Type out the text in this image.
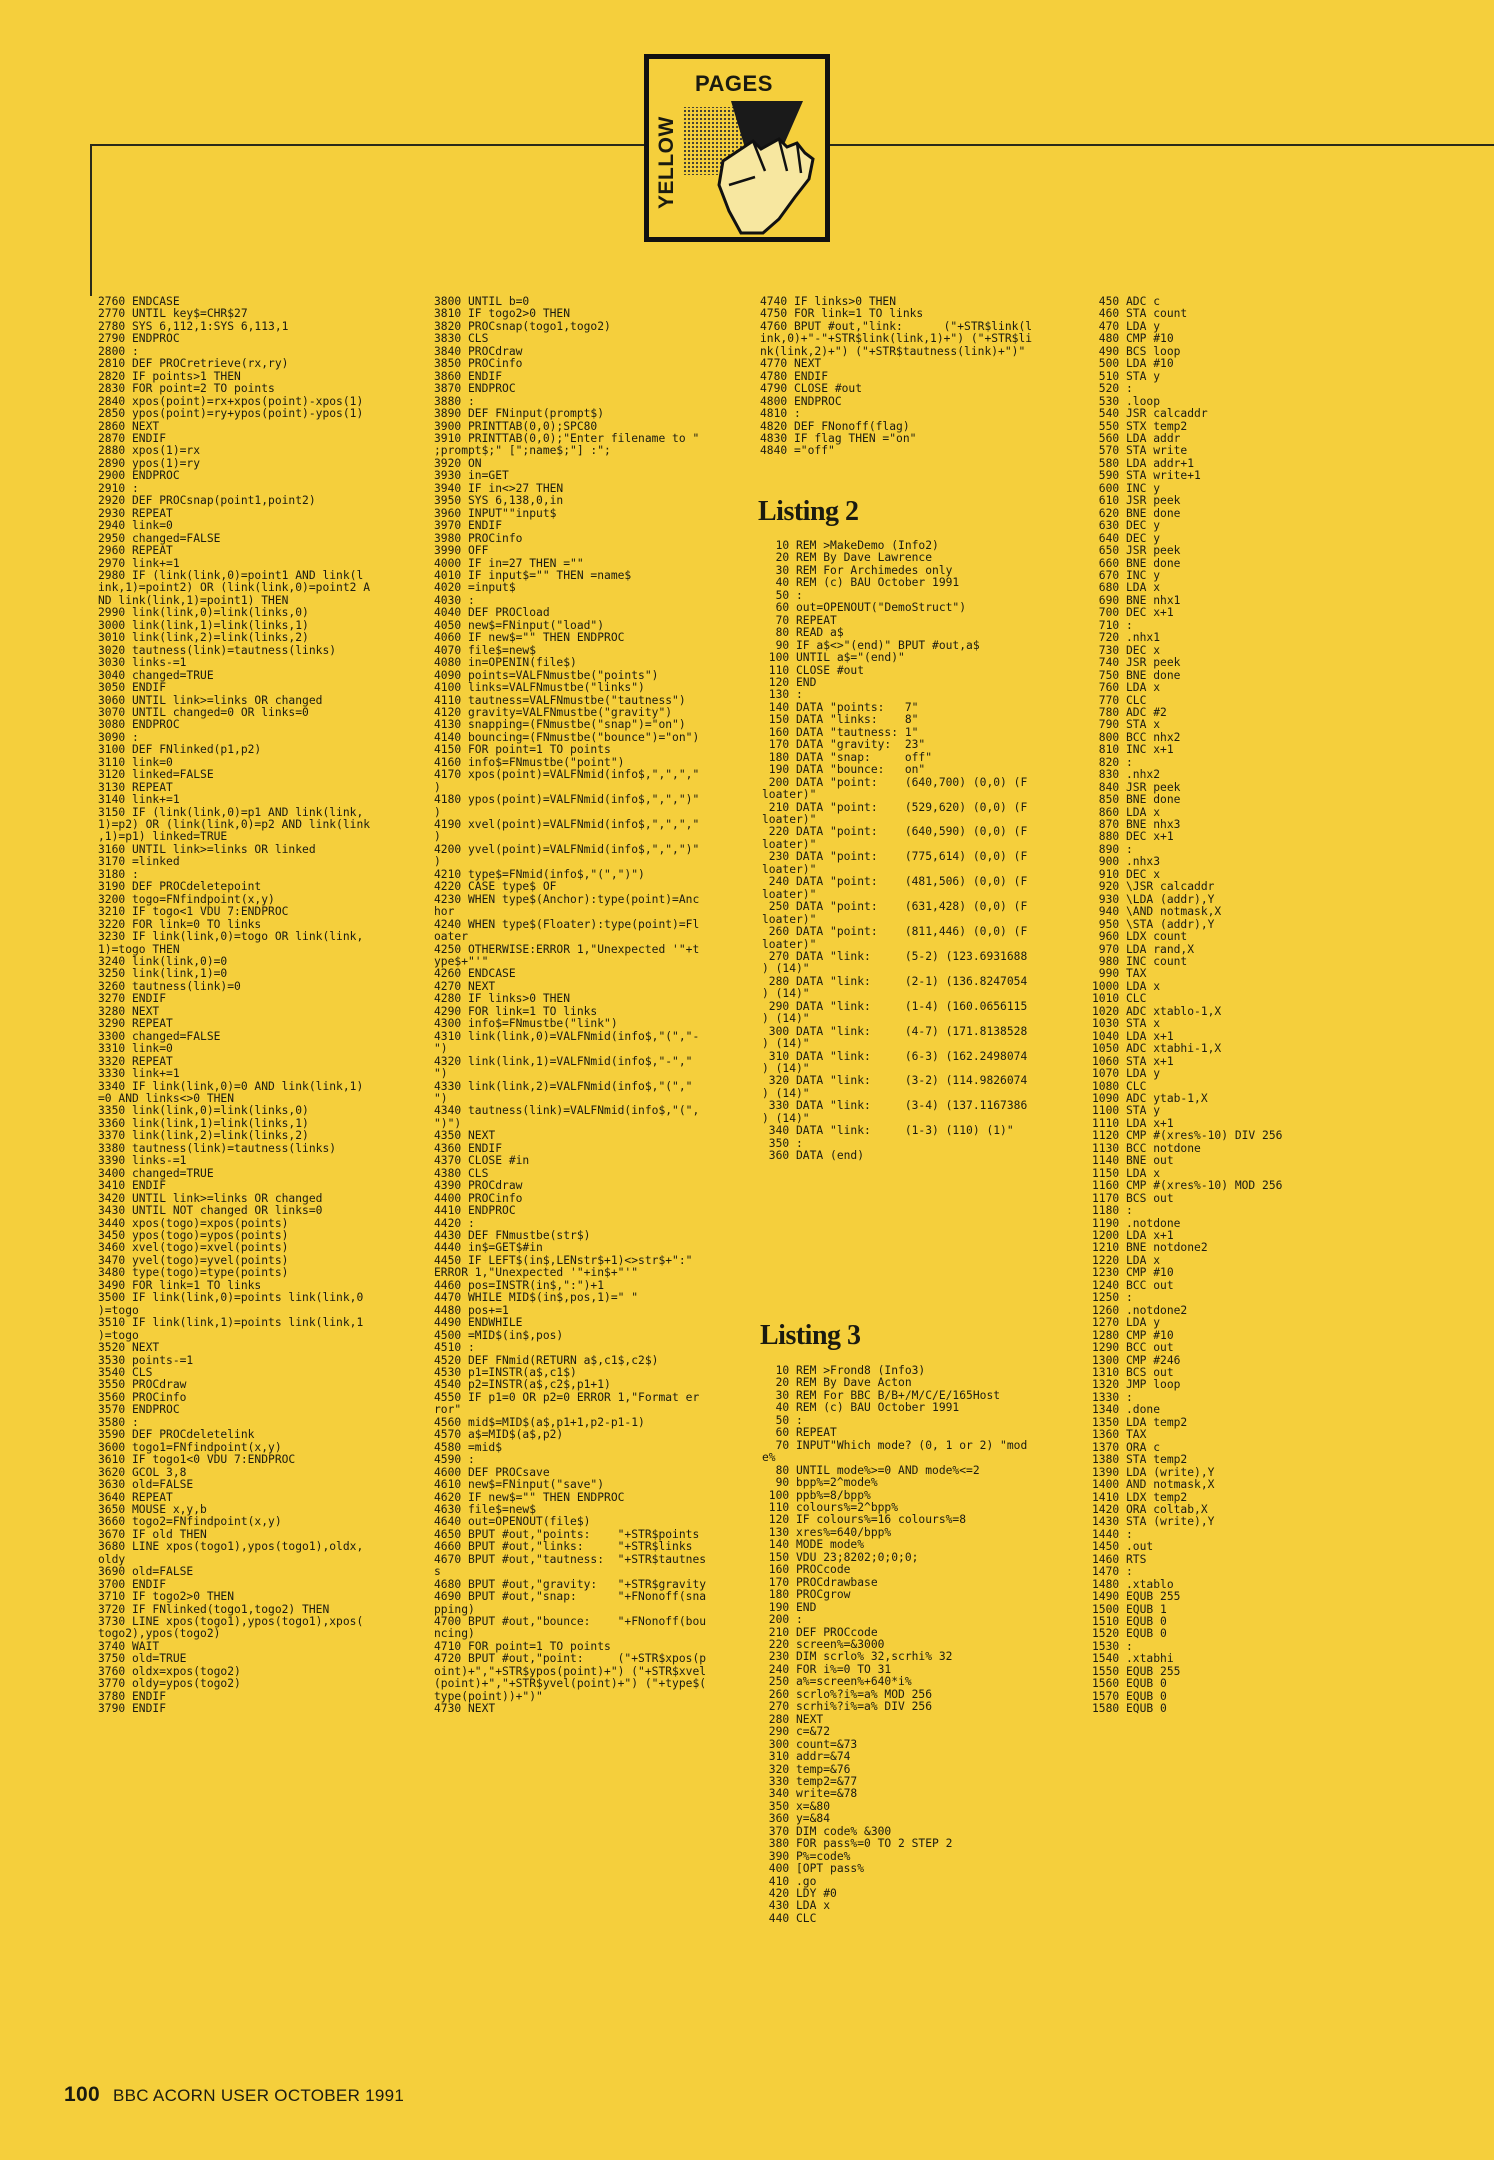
PAGES
YELLOW
2760 ENDCASE
2770 UNTIL key$=CHR$27
2780 SYS 6,112,1:SYS 6,113,1
2790 ENDPROC
2800 :
2810 DEF PROCretrieve(rx,ry)
2820 IF points>1 THEN
2830 FOR point=2 TO points
2840 xpos(point)=rx+xpos(point)-xpos(1)
2850 ypos(point)=ry+ypos(point)-ypos(1)
2860 NEXT
2870 ENDIF
2880 xpos(1)=rx
2890 ypos(1)=ry
2900 ENDPROC
2910 :
2920 DEF PROCsnap(point1,point2)
2930 REPEAT
2940 link=0
2950 changed=FALSE
2960 REPEAT
2970 link+=1
2980 IF (link(link,0)=point1 AND link(l
ink,1)=point2) OR (link(link,0)=point2 A
ND link(link,1)=point1) THEN
2990 link(link,0)=link(links,0)
3000 link(link,1)=link(links,1)
3010 link(link,2)=link(links,2)
3020 tautness(link)=tautness(links)
3030 links-=1
3040 changed=TRUE
3050 ENDIF
3060 UNTIL link>=links OR changed
3070 UNTIL changed=0 OR links=0
3080 ENDPROC
3090 :
3100 DEF FNlinked(p1,p2)
3110 link=0
3120 linked=FALSE
3130 REPEAT
3140 link+=1
3150 IF (link(link,0)=p1 AND link(link,
1)=p2) OR (link(link,0)=p2 AND link(link
,1)=p1) linked=TRUE
3160 UNTIL link>=links OR linked
3170 =linked
3180 :
3190 DEF PROCdeletepoint
3200 togo=FNfindpoint(x,y)
3210 IF togo<1 VDU 7:ENDPROC
3220 FOR link=0 TO links
3230 IF link(link,0)=togo OR link(link,
1)=togo THEN
3240 link(link,0)=0
3250 link(link,1)=0
3260 tautness(link)=0
3270 ENDIF
3280 NEXT
3290 REPEAT
3300 changed=FALSE
3310 link=0
3320 REPEAT
3330 link+=1
3340 IF link(link,0)=0 AND link(link,1)
=0 AND links<>0 THEN
3350 link(link,0)=link(links,0)
3360 link(link,1)=link(links,1)
3370 link(link,2)=link(links,2)
3380 tautness(link)=tautness(links)
3390 links-=1
3400 changed=TRUE
3410 ENDIF
3420 UNTIL link>=links OR changed
3430 UNTIL NOT changed OR links=0
3440 xpos(togo)=xpos(points)
3450 ypos(togo)=ypos(points)
3460 xvel(togo)=xvel(points)
3470 yvel(togo)=yvel(points)
3480 type(togo)=type(points)
3490 FOR link=1 TO links
3500 IF link(link,0)=points link(link,0
)=togo
3510 IF link(link,1)=points link(link,1
)=togo
3520 NEXT
3530 points-=1
3540 CLS
3550 PROCdraw
3560 PROCinfo
3570 ENDPROC
3580 :
3590 DEF PROCdeletelink
3600 togo1=FNfindpoint(x,y)
3610 IF togo1<0 VDU 7:ENDPROC
3620 GCOL 3,8
3630 old=FALSE
3640 REPEAT
3650 MOUSE x,y,b
3660 togo2=FNfindpoint(x,y)
3670 IF old THEN
3680 LINE xpos(togo1),ypos(togo1),oldx,
oldy
3690 old=FALSE
3700 ENDIF
3710 IF togo2>0 THEN
3720 IF FNlinked(togo1,togo2) THEN
3730 LINE xpos(togo1),ypos(togo1),xpos(
togo2),ypos(togo2)
3740 WAIT
3750 old=TRUE
3760 oldx=xpos(togo2)
3770 oldy=ypos(togo2)
3780 ENDIF
3790 ENDIF
3800 UNTIL b=0
3810 IF togo2>0 THEN
3820 PROCsnap(togo1,togo2)
3830 CLS
3840 PROCdraw
3850 PROCinfo
3860 ENDIF
3870 ENDPROC
3880 :
3890 DEF FNinput(prompt$)
3900 PRINTTAB(0,0);SPC80
3910 PRINTTAB(0,0);"Enter filename to "
;prompt$;" [";name$;"] :";
3920 ON
3930 in=GET
3940 IF in<>27 THEN
3950 SYS 6,138,0,in
3960 INPUT""input$
3970 ENDIF
3980 PROCinfo
3990 OFF
4000 IF in=27 THEN =""
4010 IF input$="" THEN =name$
4020 =input$
4030 :
4040 DEF PROCload
4050 new$=FNinput("load")
4060 IF new$="" THEN ENDPROC
4070 file$=new$
4080 in=OPENIN(file$)
4090 points=VALFNmustbe("points")
4100 links=VALFNmustbe("links")
4110 tautness=VALFNmustbe("tautness")
4120 gravity=VALFNmustbe("gravity")
4130 snapping=(FNmustbe("snap")="on")
4140 bouncing=(FNmustbe("bounce")="on")
4150 FOR point=1 TO points
4160 info$=FNmustbe("point")
4170 xpos(point)=VALFNmid(info$,",",","
)
4180 ypos(point)=VALFNmid(info$,",",")"
)
4190 xvel(point)=VALFNmid(info$,",",","
)
4200 yvel(point)=VALFNmid(info$,",",")"
)
4210 type$=FNmid(info$,"(",")")
4220 CASE type$ OF
4230 WHEN type$(Anchor):type(point)=Anc
hor
4240 WHEN type$(Floater):type(point)=Fl
oater
4250 OTHERWISE:ERROR 1,"Unexpected '"+t
ype$+"'"
4260 ENDCASE
4270 NEXT
4280 IF links>0 THEN
4290 FOR link=1 TO links
4300 info$=FNmustbe("link")
4310 link(link,0)=VALFNmid(info$,"(","-
")
4320 link(link,1)=VALFNmid(info$,"-","
")
4330 link(link,2)=VALFNmid(info$,"(","
")
4340 tautness(link)=VALFNmid(info$,"(",
")")
4350 NEXT
4360 ENDIF
4370 CLOSE #in
4380 CLS
4390 PROCdraw
4400 PROCinfo
4410 ENDPROC
4420 :
4430 DEF FNmustbe(str$)
4440 in$=GET$#in
4450 IF LEFT$(in$,LENstr$+1)<>str$+":"
ERROR 1,"Unexpected '"+in$+"'"
4460 pos=INSTR(in$,":")+1
4470 WHILE MID$(in$,pos,1)=" "
4480 pos+=1
4490 ENDWHILE
4500 =MID$(in$,pos)
4510 :
4520 DEF FNmid(RETURN a$,c1$,c2$)
4530 p1=INSTR(a$,c1$)
4540 p2=INSTR(a$,c2$,p1+1)
4550 IF p1=0 OR p2=0 ERROR 1,"Format er
ror"
4560 mid$=MID$(a$,p1+1,p2-p1-1)
4570 a$=MID$(a$,p2)
4580 =mid$
4590 :
4600 DEF PROCsave
4610 new$=FNinput("save")
4620 IF new$="" THEN ENDPROC
4630 file$=new$
4640 out=OPENOUT(file$)
4650 BPUT #out,"points:    "+STR$points
4660 BPUT #out,"links:     "+STR$links
4670 BPUT #out,"tautness:  "+STR$tautnes
s
4680 BPUT #out,"gravity:   "+STR$gravity
4690 BPUT #out,"snap:      "+FNonoff(sna
pping)
4700 BPUT #out,"bounce:    "+FNonoff(bou
ncing)
4710 FOR point=1 TO points
4720 BPUT #out,"point:     ("+STR$xpos(p
oint)+","+STR$ypos(point)+") ("+STR$xvel
(point)+","+STR$yvel(point)+") ("+type$(
type(point))+")"
4730 NEXT
4740 IF links>0 THEN
4750 FOR link=1 TO links
4760 BPUT #out,"link:      ("+STR$link(l
ink,0)+"-"+STR$link(link,1)+") ("+STR$li
nk(link,2)+") ("+STR$tautness(link)+")"
4770 NEXT
4780 ENDIF
4790 CLOSE #out
4800 ENDPROC
4810 :
4820 DEF FNonoff(flag)
4830 IF flag THEN ="on"
4840 ="off"
Listing 2
10 REM >MakeDemo (Info2)
20 REM By Dave Lawrence
30 REM For Archimedes only
40 REM (c) BAU October 1991
50 :
60 out=OPENOUT("DemoStruct")
70 REPEAT
80 READ a$
90 IF a$<>"(end)" BPUT #out,a$
100 UNTIL a$="(end)"
110 CLOSE #out
120 END
130 :
140 DATA "points:   7"
150 DATA "links:    8"
160 DATA "tautness: 1"
170 DATA "gravity:  23"
180 DATA "snap:     off"
190 DATA "bounce:   on"
200 DATA "point:    (640,700) (0,0) (F
loater)"
210 DATA "point:    (529,620) (0,0) (F
loater)"
220 DATA "point:    (640,590) (0,0) (F
loater)"
230 DATA "point:    (775,614) (0,0) (F
loater)"
240 DATA "point:    (481,506) (0,0) (F
loater)"
250 DATA "point:    (631,428) (0,0) (F
loater)"
260 DATA "point:    (811,446) (0,0) (F
loater)"
270 DATA "link:     (5-2) (123.6931688
) (14)"
280 DATA "link:     (2-1) (136.8247054
) (14)"
290 DATA "link:     (1-4) (160.0656115
) (14)"
300 DATA "link:     (4-7) (171.8138528
) (14)"
310 DATA "link:     (6-3) (162.2498074
) (14)"
320 DATA "link:     (3-2) (114.9826074
) (14)"
330 DATA "link:     (3-4) (137.1167386
) (14)"
340 DATA "link:     (1-3) (110) (1)"
350 :
360 DATA (end)
Listing 3
10 REM >Frond8 (Info3)
20 REM By Dave Acton
30 REM For BBC B/B+/M/C/E/165Host
40 REM (c) BAU October 1991
50 :
60 REPEAT
70 INPUT"Which mode? (0, 1 or 2) "mod
e%
80 UNTIL mode%>=0 AND mode%<=2
90 bpp%=2^mode%
100 ppb%=8/bpp%
110 colours%=2^bpp%
120 IF colours%=16 colours%=8
130 xres%=640/bpp%
140 MODE mode%
150 VDU 23;8202;0;0;0;
160 PROCcode
170 PROCdrawbase
180 PROCgrow
190 END
200 :
210 DEF PROCcode
220 screen%=&3000
230 DIM scrlo% 32,scrhi% 32
240 FOR i%=0 TO 31
250 a%=screen%+640*i%
260 scrlo%?i%=a% MOD 256
270 scrhi%?i%=a% DIV 256
280 NEXT
290 c=&72
300 count=&73
310 addr=&74
320 temp=&76
330 temp2=&77
340 write=&78
350 x=&80
360 y=&84
370 DIM code% &300
380 FOR pass%=0 TO 2 STEP 2
390 P%=code%
400 [OPT pass%
410 .go
420 LDY #0
430 LDA x
440 CLC
450 ADC c
460 STA count
470 LDA y
480 CMP #10
490 BCS loop
500 LDA #10
510 STA y
520 :
530 .loop
540 JSR calcaddr
550 STX temp2
560 LDA addr
570 STA write
580 LDA addr+1
590 STA write+1
600 INC y
610 JSR peek
620 BNE done
630 DEC y
640 DEC y
650 JSR peek
660 BNE done
670 INC y
680 LDA x
690 BNE nhx1
700 DEC x+1
710 :
720 .nhx1
730 DEC x
740 JSR peek
750 BNE done
760 LDA x
770 CLC
780 ADC #2
790 STA x
800 BCC nhx2
810 INC x+1
820 :
830 .nhx2
840 JSR peek
850 BNE done
860 LDA x
870 BNE nhx3
880 DEC x+1
890 :
900 .nhx3
910 DEC x
920 \JSR calcaddr
930 \LDA (addr),Y
940 \AND notmask,X
950 \STA (addr),Y
960 LDX count
970 LDA rand,X
980 INC count
990 TAX
1000 LDA x
1010 CLC
1020 ADC xtablo-1,X
1030 STA x
1040 LDA x+1
1050 ADC xtabhi-1,X
1060 STA x+1
1070 LDA y
1080 CLC
1090 ADC ytab-1,X
1100 STA y
1110 LDA x+1
1120 CMP #(xres%-10) DIV 256
1130 BCC notdone
1140 BNE out
1150 LDA x
1160 CMP #(xres%-10) MOD 256
1170 BCS out
1180 :
1190 .notdone
1200 LDA x+1
1210 BNE notdone2
1220 LDA x
1230 CMP #10
1240 BCC out
1250 :
1260 .notdone2
1270 LDA y
1280 CMP #10
1290 BCC out
1300 CMP #246
1310 BCS out
1320 JMP loop
1330 :
1340 .done
1350 LDA temp2
1360 TAX
1370 ORA c
1380 STA temp2
1390 LDA (write),Y
1400 AND notmask,X
1410 LDX temp2
1420 ORA coltab,X
1430 STA (write),Y
1440 :
1450 .out
1460 RTS
1470 :
1480 .xtablo
1490 EQUB 255
1500 EQUB 1
1510 EQUB 0
1520 EQUB 0
1530 :
1540 .xtabhi
1550 EQUB 255
1560 EQUB 0
1570 EQUB 0
1580 EQUB 0
100 BBC ACORN USER OCTOBER 1991
